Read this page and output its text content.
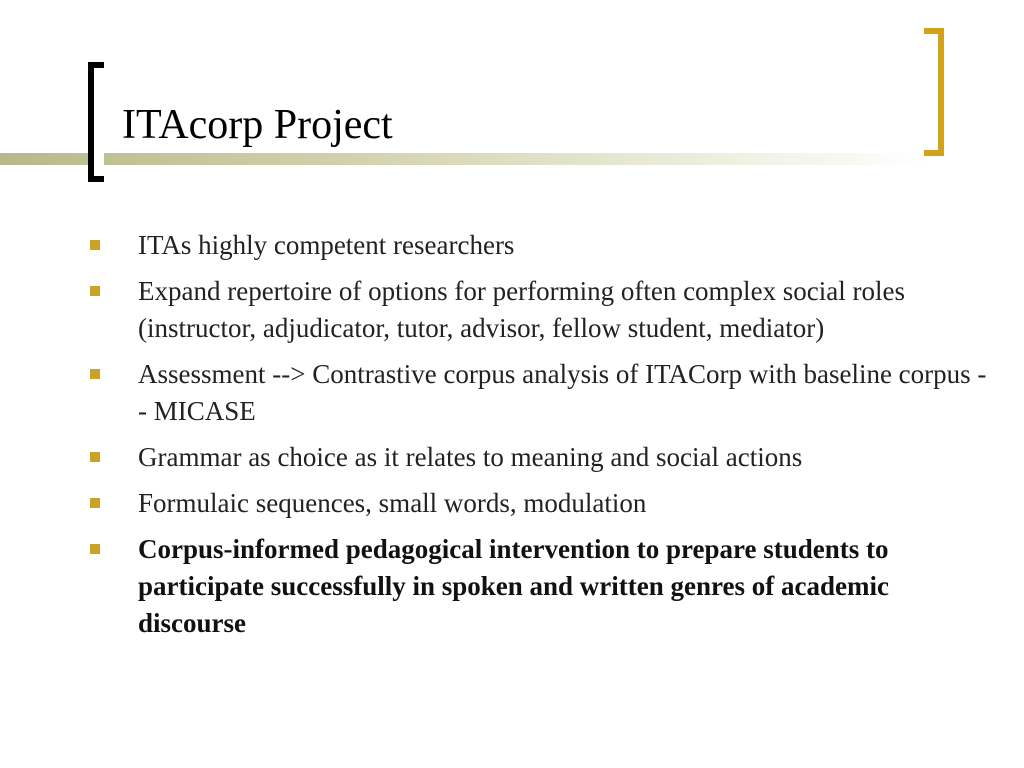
ITAcorp Project
ITAs highly competent researchers
Expand repertoire of options for performing often complex social roles (instructor, adjudicator, tutor, advisor, fellow student, mediator)
Assessment --> Contrastive corpus analysis of ITACorp with baseline corpus -- MICASE
Grammar as choice as it relates to meaning and social actions
Formulaic sequences, small words, modulation
Corpus-informed pedagogical intervention to prepare students to participate successfully in spoken and written genres of academic discourse
